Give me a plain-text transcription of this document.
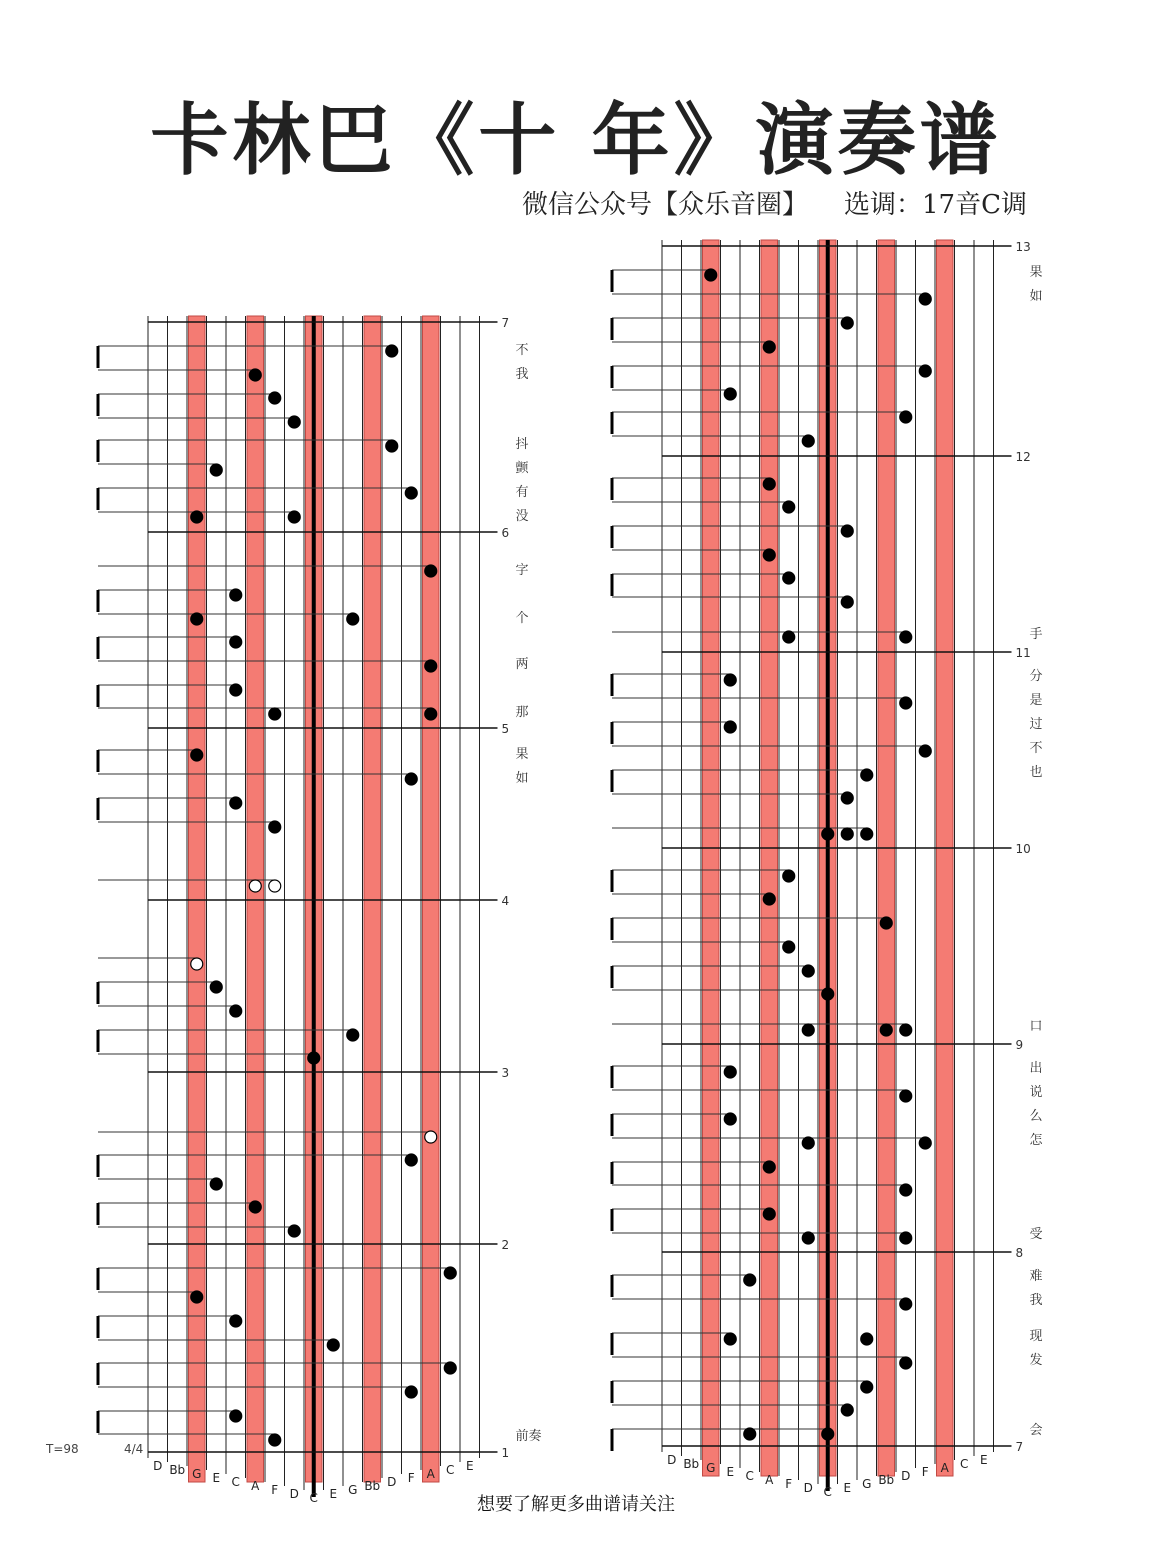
卡林巴《十 年》演奏谱
微信公众号【众乐音圈】 选调：17音C调
1
前奏
2
3
4
5
果
如
6
字
个
两
那
7
不
我
抖
颤
有
没
D Bb G E C A F D C E G Bb D F A C E
7
会
8
受
难
我
现
发
9
口
出
说
么
怎
10
11
手
分
是
过
不
也
12
13
果
如
D Bb G E C A F D C E G Bb D F A C E
T=98	4/4
想要了解更多曲谱请关注
